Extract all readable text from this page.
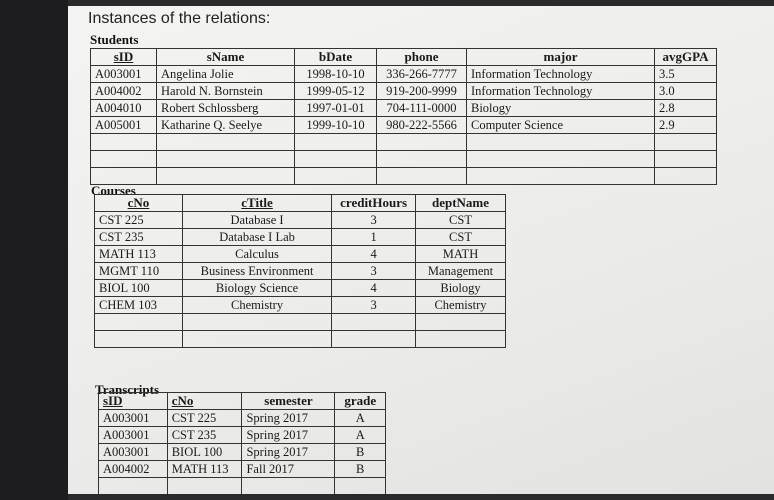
Instances of the relations:
Students
sID	sName	bDate	phone	major	avgGPA
A003001	Angelina Jolie	1998-10-10	336-266-7777	Information Technology	3.5
A004002	Harold N. Bornstein	1999-05-12	919-200-9999	Information Technology	3.0
A004010	Robert Schlossberg	1997-01-01	704-111-0000	Biology	2.8
A005001	Katharine Q. Seelye	1999-10-10	980-222-5566	Computer Science	2.9

Courses
cNo	cTitle	creditHours	deptName
CST 225	Database I	3	CST
CST 235	Database I Lab	1	CST
MATH 113	Calculus	4	MATH
MGMT 110	Business Environment	3	Management
BIOL 100	Biology Science	4	Biology
CHEM 103	Chemistry	3	Chemistry

Transcripts
sID	cNo	semester	grade
A003001	CST 225	Spring 2017	A
A003001	CST 235	Spring 2017	A
A003001	BIOL 100	Spring 2017	B
A004002	MATH 113	Fall 2017	B
